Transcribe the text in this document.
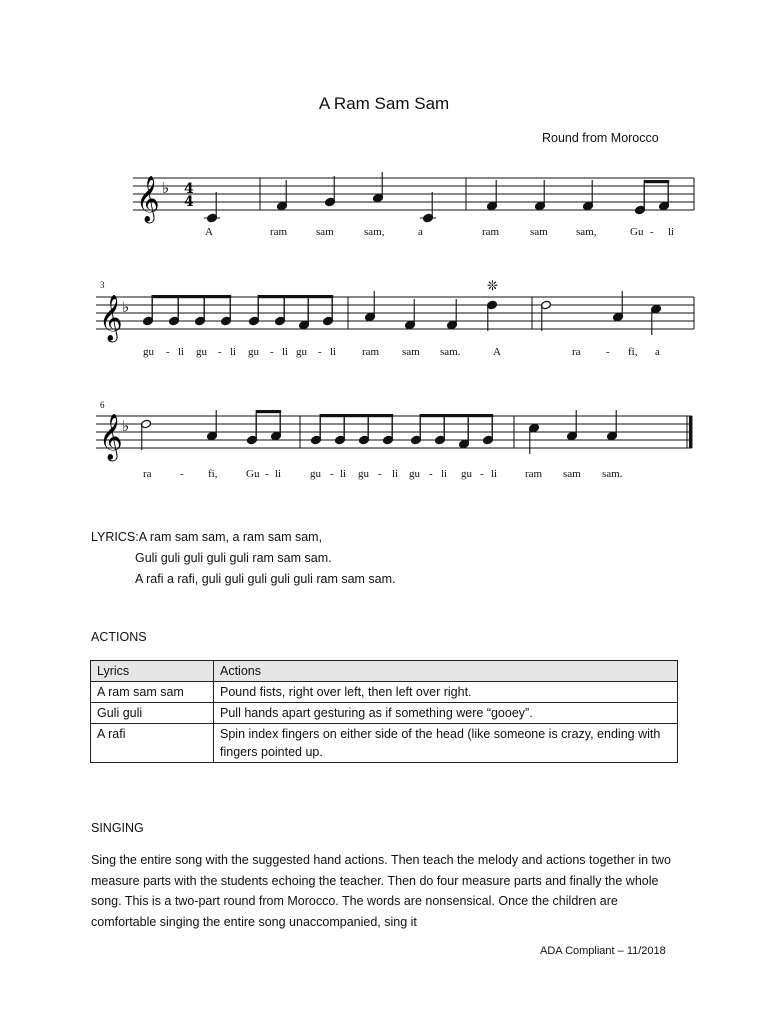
A Ram Sam Sam
Round from Morocco
𝄞 ♭
𝄞 ♭
𝄞 ♭
A	ram	sam	sam,	a	ram	sam	sam,	Gu - li
gu - li gu - li gu - li gu - li ram sam sam.	A	ra - fi, a
ra	- fi,	Gu - li	gu - li gu - li gu - li gu - li	ram sam sam.
4
4
❊
3
6
LYRICS:A ram sam sam, a ram sam sam,
Guli guli guli guli guli ram sam sam.
A rafi a rafi, guli guli guli guli guli ram sam sam.
ACTIONS
Lyrics	Actions
A ram sam sam	Pound fists, right over left, then left over right.
Guli guli	Pull hands apart gesturing as if something were “gooey”.
A rafi	Spin index fingers on either side of the head (like someone is crazy, ending with fingers pointed up.
SINGING
Sing the entire song with the suggested hand actions. Then teach the melody and actions together in two measure parts with the students echoing the teacher. Then do four measure parts and finally the whole song. This is a two-part round from Morocco. The words are nonsensical. Once the children are comfortable singing the entire song unaccompanied, sing it
ADA Compliant – 11/2018
